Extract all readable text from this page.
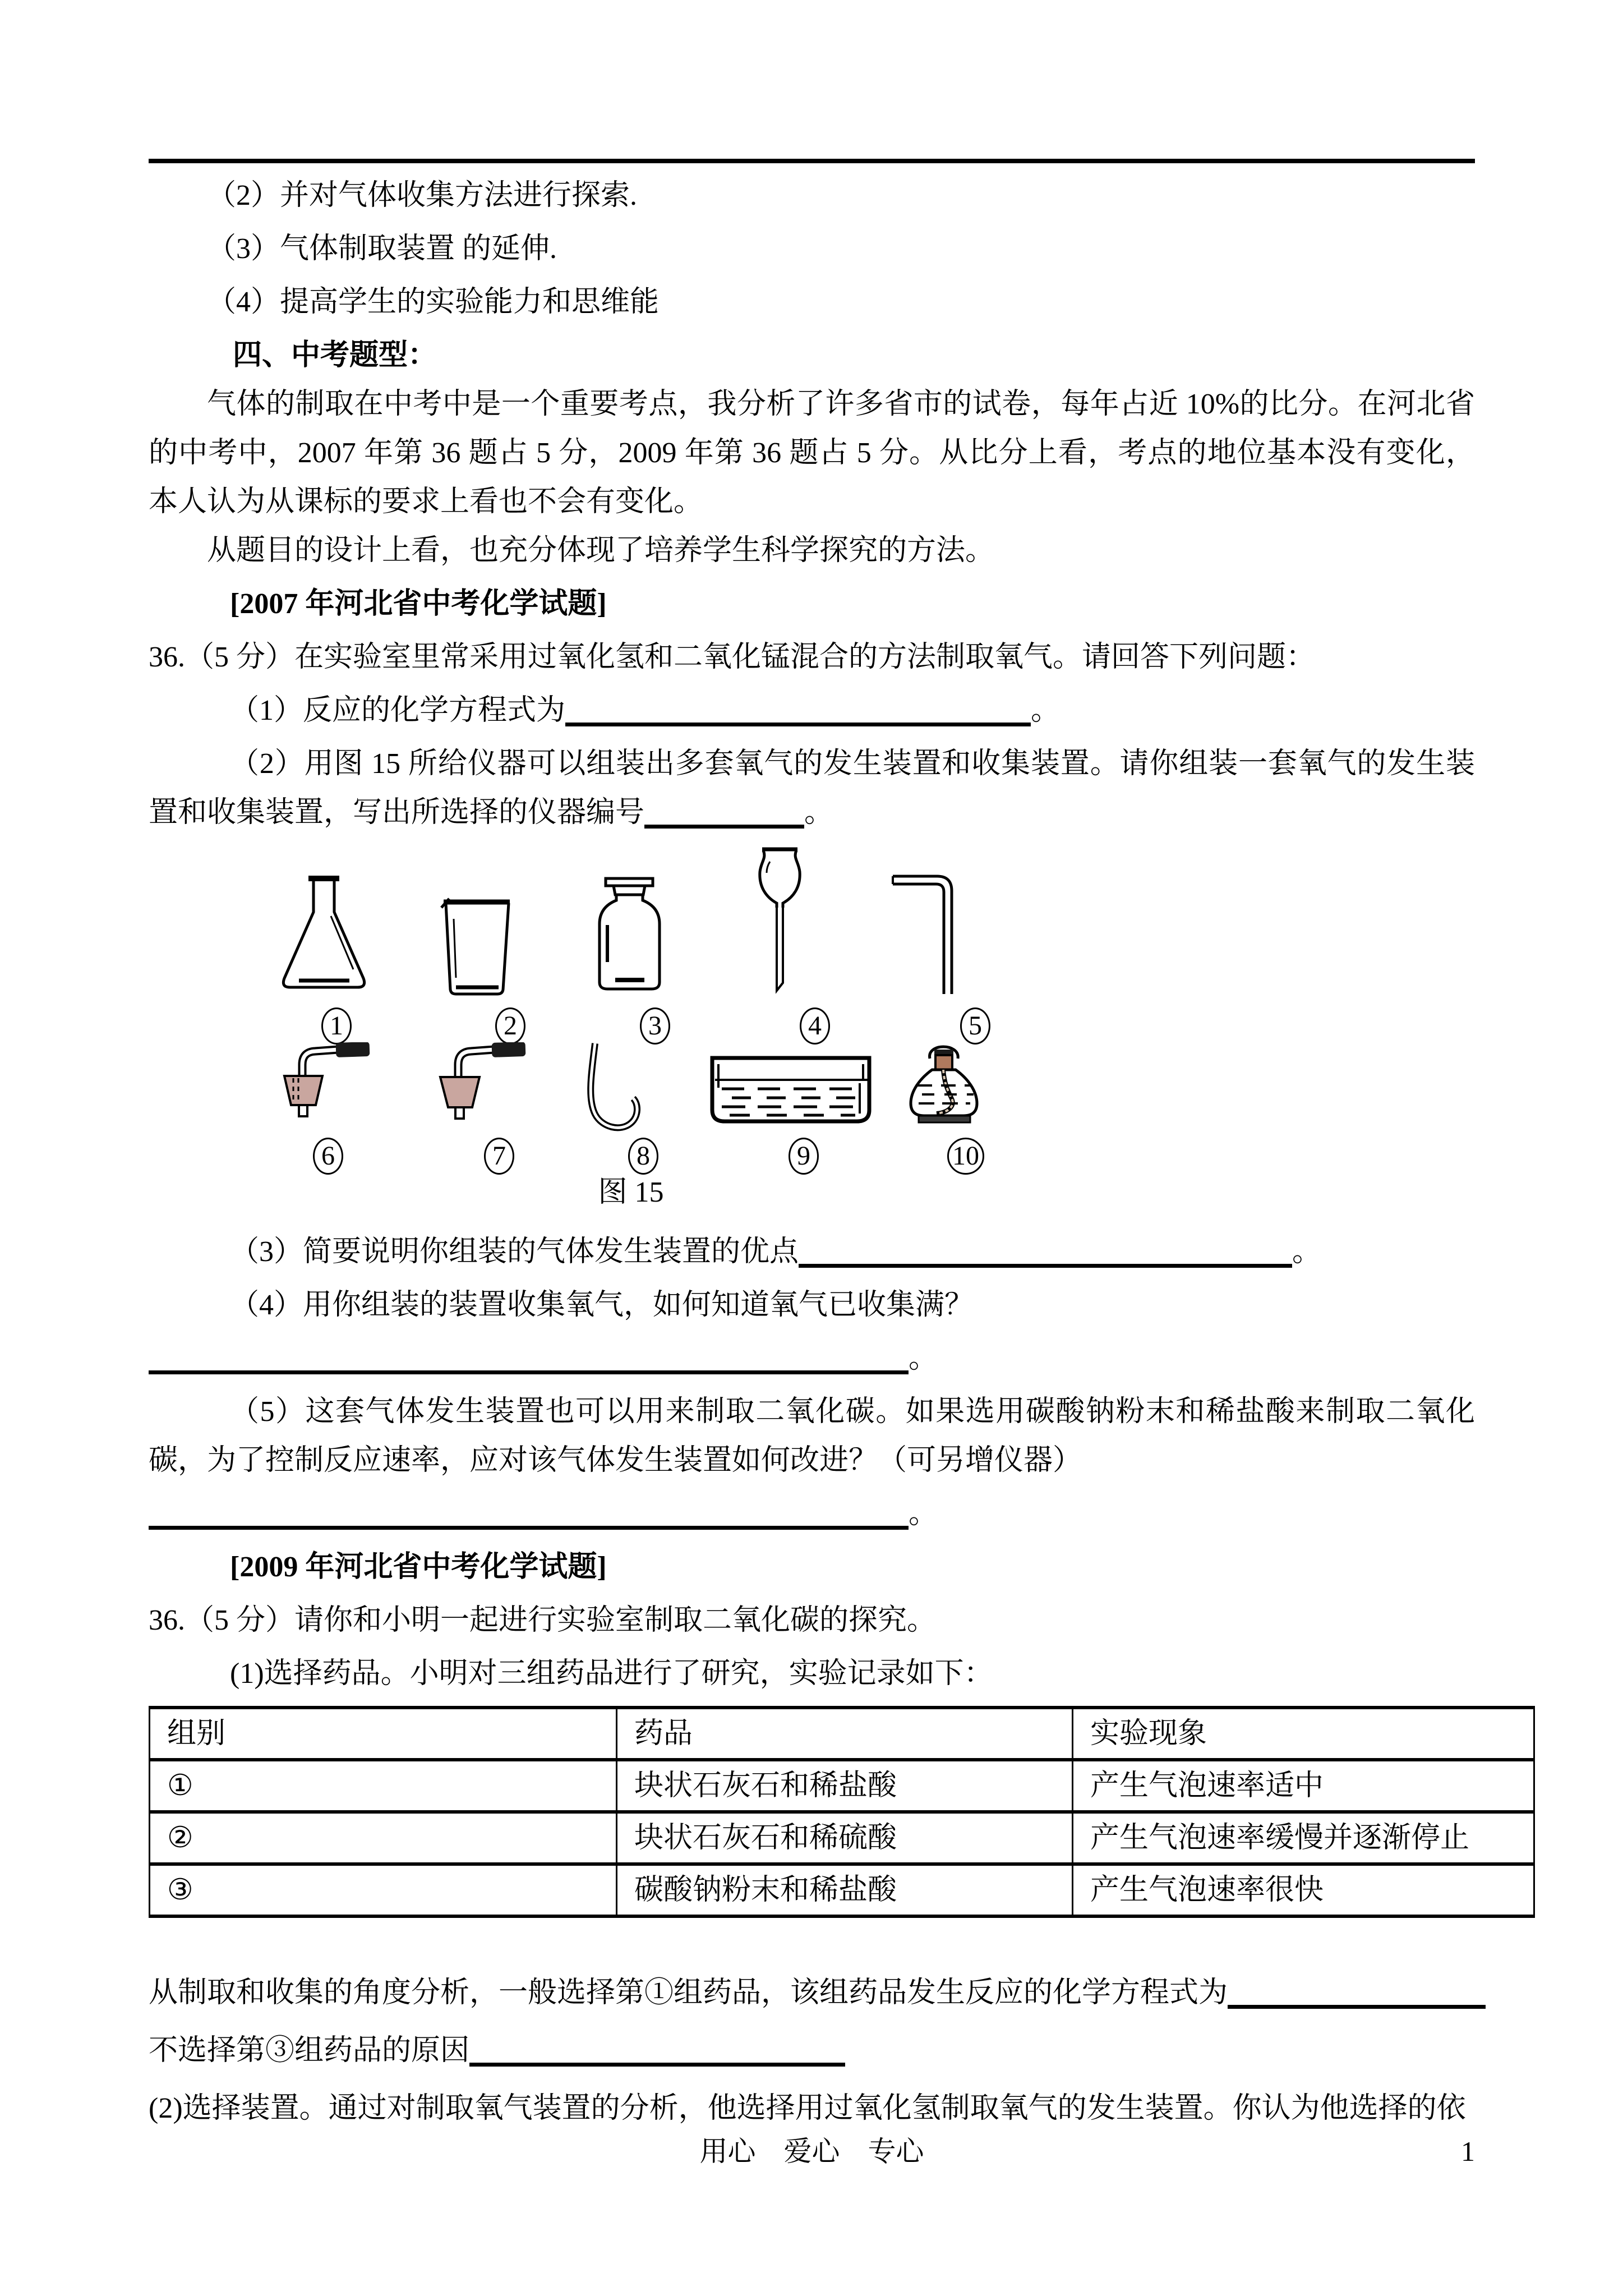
（2）并对气体收集方法进行探索.

（3）气体制取装置 的延伸.

（4）提高学生的实验能力和思维能

四、中考题型：

气体的制取在中考中是一个重要考点，我分析了许多省市的试卷，每年占近 10%的比分。在河北省的中考中，2007 年第 36 题占 5 分，2009 年第 36 题占 5 分。从比分上看，考点的地位基本没有变化，本人认为从课标的要求上看也不会有变化。

从题目的设计上看，也充分体现了培养学生科学探究的方法。

[2007 年河北省中考化学试题]

36.（5 分）在实验室里常采用过氧化氢和二氧化锰混合的方法制取氧气。请回答下列问题：

（1）反应的化学方程式为	。

（2）用图 15 所给仪器可以组装出多套氧气的发生装置和收集装置。请你组装一套氧气的发生装置和收集装置，写出所选择的仪器编号	。

1	2	3	4	5
6	7	8	9	10
图 15

（3）简要说明你组装的气体发生装置的优点	。

（4）用你组装的装置收集氧气，如何知道氧气已收集满？

。

（5）这套气体发生装置也可以用来制取二氧化碳。如果选用碳酸钠粉末和稀盐酸来制取二氧化碳，为了控制反应速率，应对该气体发生装置如何改进？（可另增仪器）

。

[2009 年河北省中考化学试题]

36.（5 分）请你和小明一起进行实验室制取二氧化碳的探究。

(1)选择药品。小明对三组药品进行了研究，实验记录如下：

组别	药品	实验现象
①	块状石灰石和稀盐酸	产生气泡速率适中
②	块状石灰石和稀硫酸	产生气泡速率缓慢并逐渐停止
③	碳酸钠粉末和稀盐酸	产生气泡速率很快

从制取和收集的角度分析，一般选择第①组药品，该组药品发生反应的化学方程式为

不选择第③组药品的原因

(2)选择装置。通过对制取氧气装置的分析，他选择用过氧化氢制取氧气的发生装置。你认为他选择的依

用心    爱心    专心	1
